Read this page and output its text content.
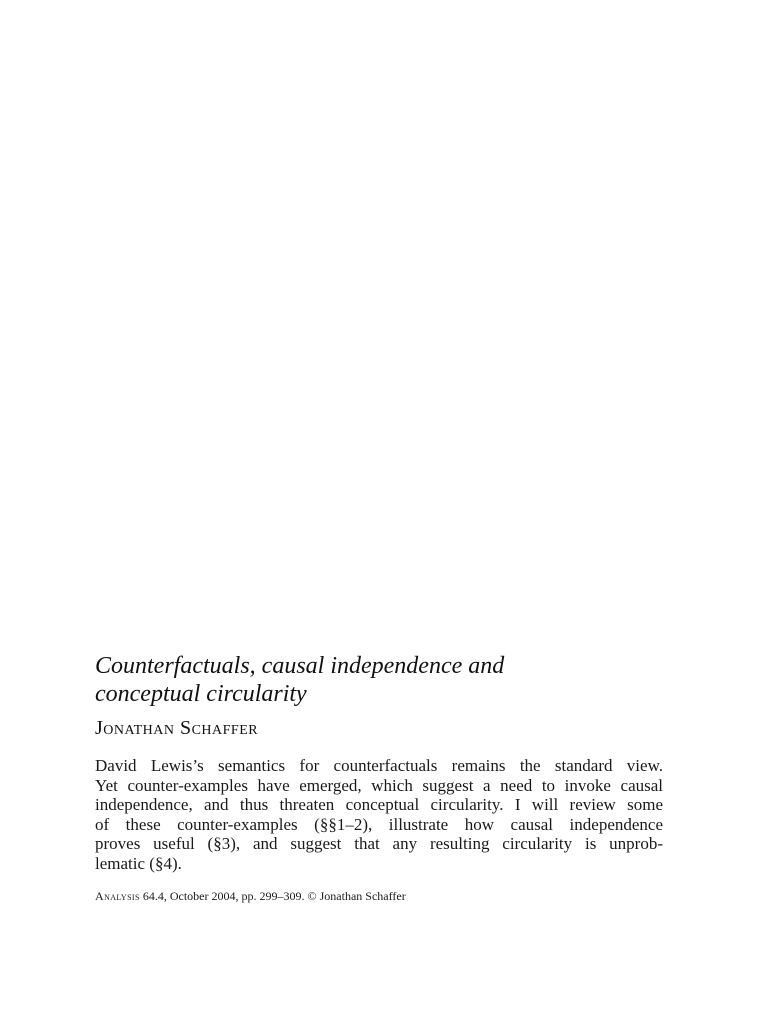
Counterfactuals, causal independence and
conceptual circularity
Jonathan Schaffer
David Lewis’s semantics for counterfactuals remains the standard view.
Yet counter-examples have emerged, which suggest a need to invoke causal
independence, and thus threaten conceptual circularity. I will review some
of these counter-examples (§§1–2), illustrate how causal independence
proves useful (§3), and suggest that any resulting circularity is unprob-
lematic (§4).
Analysis 64.4, October 2004, pp. 299–309. © Jonathan Schaffer
